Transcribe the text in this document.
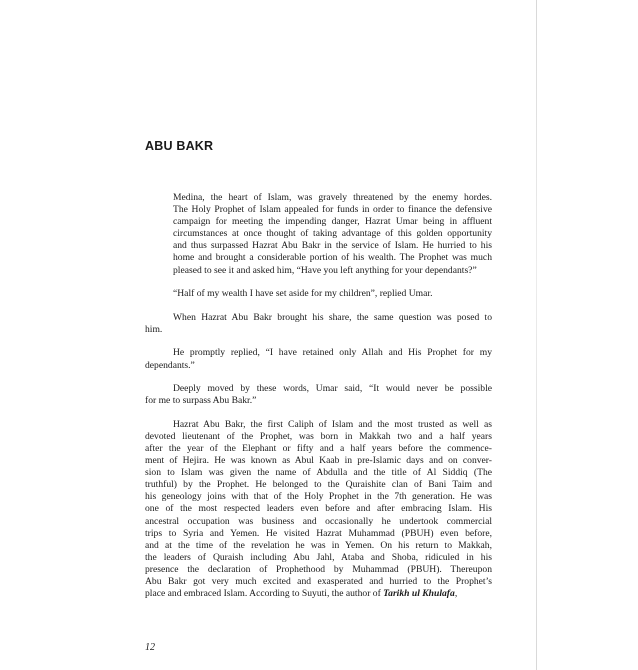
ABU BAKR

Medina, the heart of Islam, was gravely threatened by the enemy hordes.
The Holy Prophet of Islam appealed for funds in order to finance the defensive
campaign for meeting the impending danger, Hazrat Umar being in affluent
circumstances at once thought of taking advantage of this golden opportunity
and thus surpassed Hazrat Abu Bakr in the service of Islam. He hurried to his
home and brought a considerable portion of his wealth. The Prophet was much
pleased to see it and asked him, “Have you left anything for your dependants?”

“Half of my wealth I have set aside for my children”, replied Umar.

When Hazrat Abu Bakr brought his share, the same question was posed to
him.

He promptly replied, “I have retained only Allah and His Prophet for my
dependants.”

Deeply moved by these words, Umar said, “It would never be possible
for me to surpass Abu Bakr.”

Hazrat Abu Bakr, the first Caliph of Islam and the most trusted as well as
devoted lieutenant of the Prophet, was born in Makkah two and a half years
after the year of the Elephant or fifty and a half years before the commence-
ment of Hejira. He was known as Abul Kaab in pre-Islamic days and on conver-
sion to Islam was given the name of Abdulla and the title of Al Siddiq (The
truthful) by the Prophet. He belonged to the Quraishite clan of Bani Taim and
his geneology joins with that of the Holy Prophet in the 7th generation. He was
one of the most respected leaders even before and after embracing Islam. His
ancestral occupation was business and occasionally he undertook commercial
trips to Syria and Yemen. He visited Hazrat Muhammad (PBUH) even before,
and at the time of the revelation he was in Yemen. On his return to Makkah,
the leaders of Quraish including Abu Jahl, Ataba and Shoba, ridiculed in his
presence the declaration of Prophethood by Muhammad (PBUH). Thereupon
Abu Bakr got very much excited and exasperated and hurried to the Prophet’s
place and embraced Islam. According to Suyuti, the author of Tarikh ul Khulafa,

12
